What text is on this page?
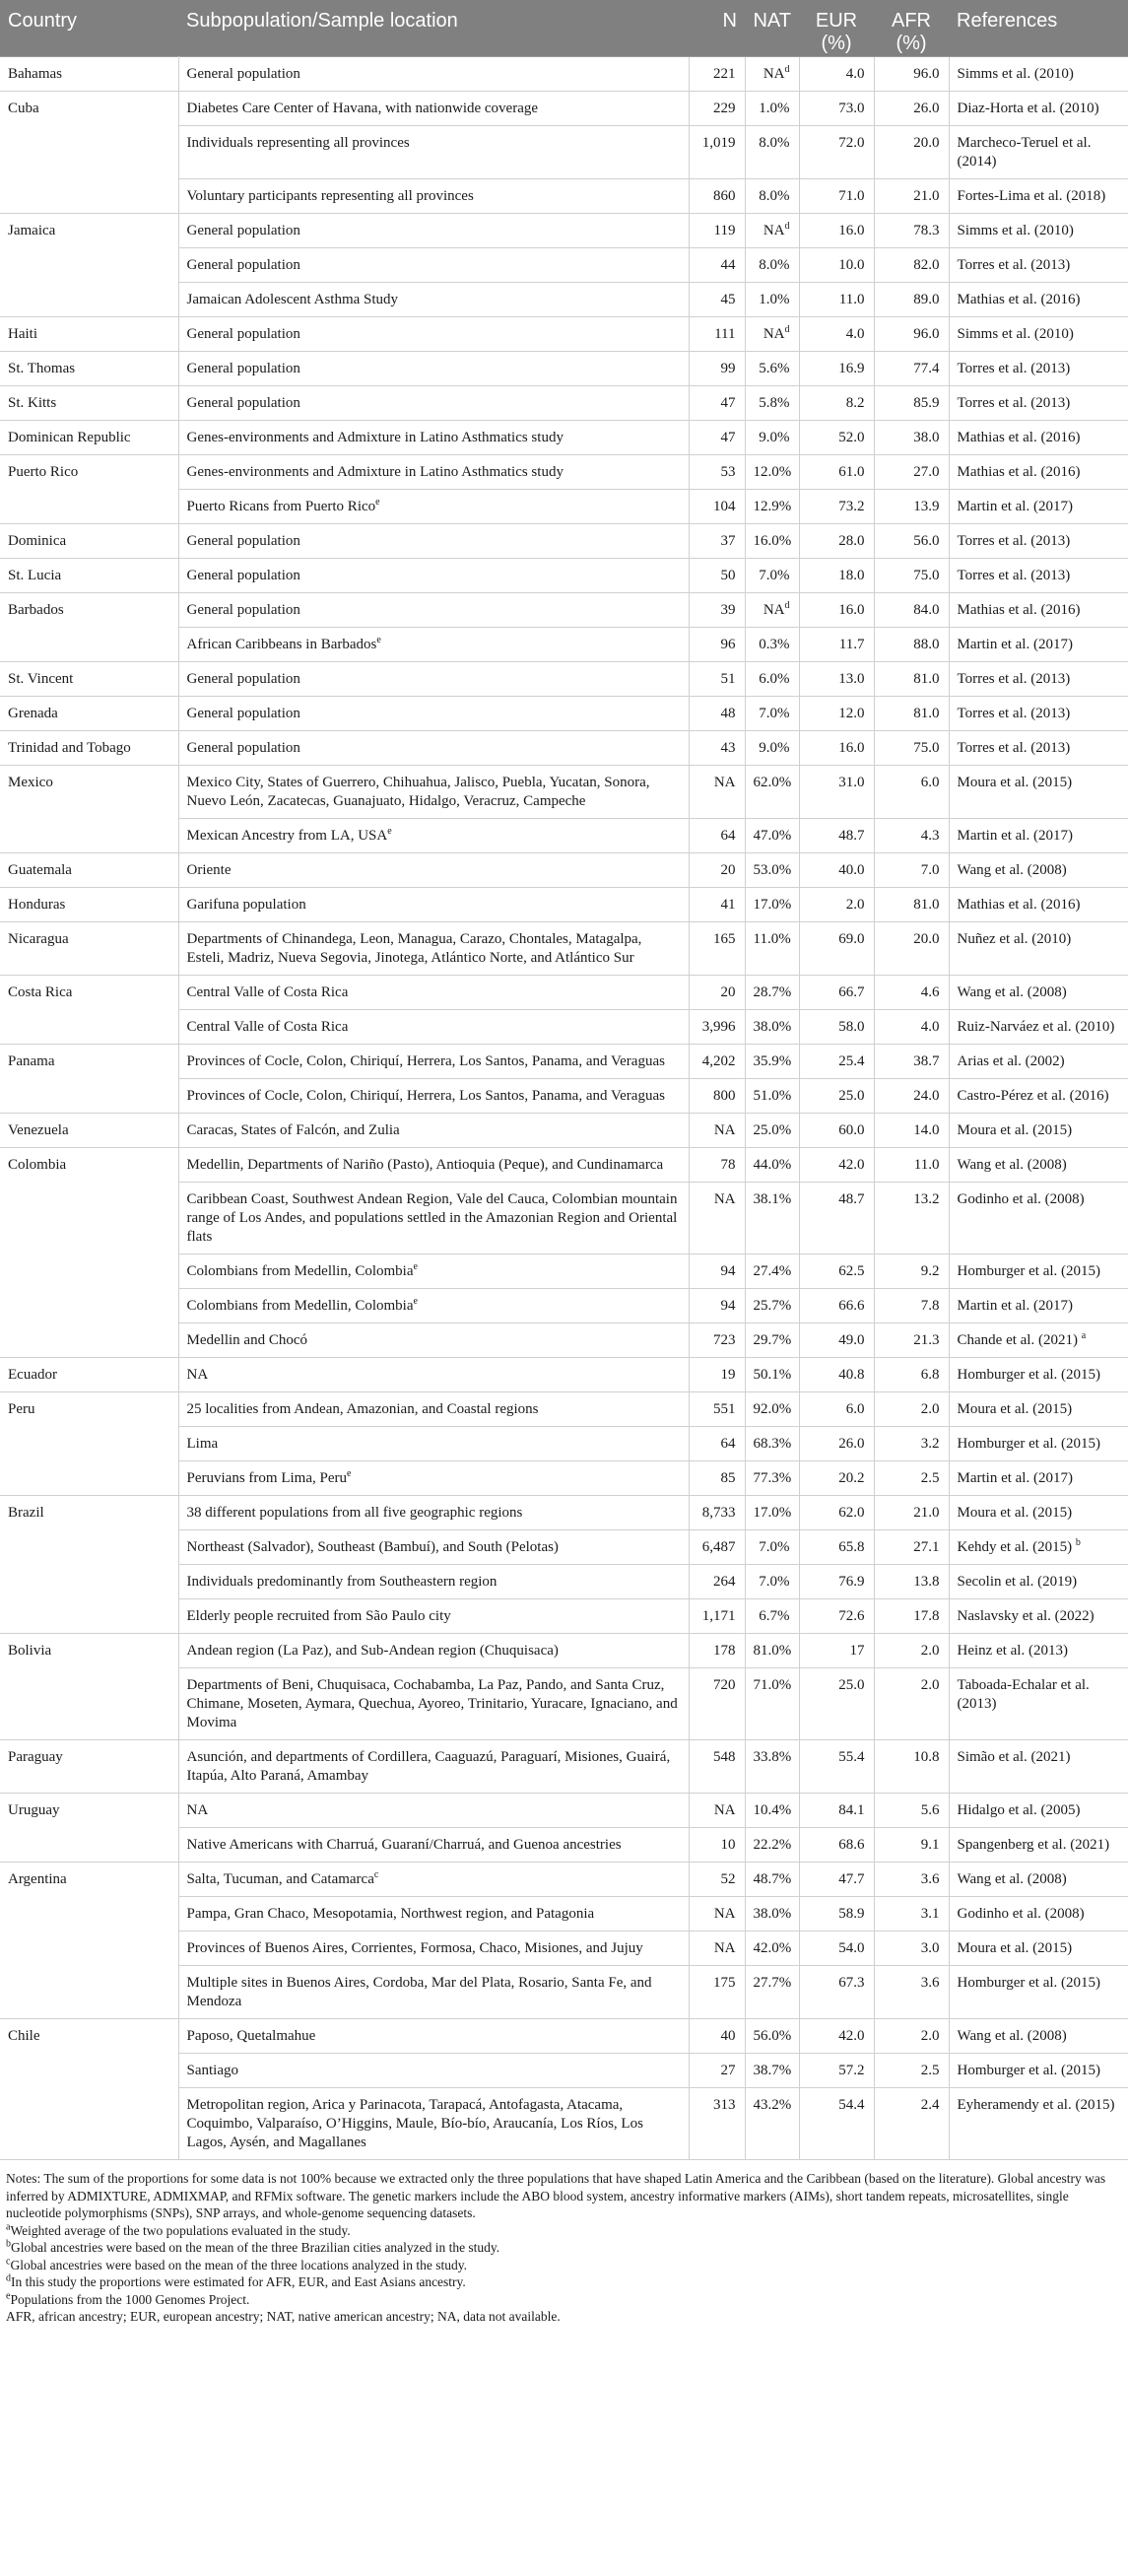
Country	Subpopulation/Sample location	N	NAT	EUR (%)	AFR (%)	References
Bahamas	General population	221	$NA^d$	4.0	96.0	Simms et al. (2010)
Cuba	Diabetes Care Center of Havana, with nationwide coverage	229	1.0%	73.0	26.0	Diaz-Horta et al. (2010)
	Individuals representing all provinces	1,019	8.0%	72.0	20.0	Marcheco-Teruel et al. (2014)
	Voluntary participants representing all provinces	860	8.0%	71.0	21.0	Fortes-Lima et al. (2018)
Jamaica	General population	119	$NA^d$	16.0	78.3	Simms et al. (2010)
	General population	44	8.0%	10.0	82.0	Torres et al. (2013)
	Jamaican Adolescent Asthma Study	45	1.0%	11.0	89.0	Mathias et al. (2016)
Haiti	General population	111	$NA^d$	4.0	96.0	Simms et al. (2010)
St. Thomas	General population	99	5.6%	16.9	77.4	Torres et al. (2013)
St. Kitts	General population	47	5.8%	8.2	85.9	Torres et al. (2013)
Dominican Republic	Genes-environments and Admixture in Latino Asthmatics study	47	9.0%	52.0	38.0	Mathias et al. (2016)
Puerto Rico	Genes-environments and Admixture in Latino Asthmatics study	53	12.0%	61.0	27.0	Mathias et al. (2016)
	Puerto Ricans from Puerto Rico$^e$	104	12.9%	73.2	13.9	Martin et al. (2017)
Dominica	General population	37	16.0%	28.0	56.0	Torres et al. (2013)
St. Lucia	General population	50	7.0%	18.0	75.0	Torres et al. (2013)
Barbados	General population	39	$NA^d$	16.0	84.0	Mathias et al. (2016)
	African Caribbeans in Barbados$^e$	96	0.3%	11.7	88.0	Martin et al. (2017)
St. Vincent	General population	51	6.0%	13.0	81.0	Torres et al. (2013)
Grenada	General population	48	7.0%	12.0	81.0	Torres et al. (2013)
Trinidad and Tobago	General population	43	9.0%	16.0	75.0	Torres et al. (2013)
Mexico	Mexico City, States of Guerrero, Chihuahua, Jalisco, Puebla, Yucatan, Sonora, Nuevo León, Zacatecas, Guanajuato, Hidalgo, Veracruz, Campeche	NA	62.0%	31.0	6.0	Moura et al. (2015)
	Mexican Ancestry from LA, USA$^e$	64	47.0%	48.7	4.3	Martin et al. (2017)
Guatemala	Oriente	20	53.0%	40.0	7.0	Wang et al. (2008)
Honduras	Garifuna population	41	17.0%	2.0	81.0	Mathias et al. (2016)
Nicaragua	Departments of Chinandega, Leon, Managua, Carazo, Chontales, Matagalpa, Esteli, Madriz, Nueva Segovia, Jinotega, Atlántico Norte, and Atlántico Sur	165	11.0%	69.0	20.0	Nuñez et al. (2010)
Costa Rica	Central Valle of Costa Rica	20	28.7%	66.7	4.6	Wang et al. (2008)
	Central Valle of Costa Rica	3,996	38.0%	58.0	4.0	Ruiz-Narváez et al. (2010)
Panama	Provinces of Cocle, Colon, Chiriquí, Herrera, Los Santos, Panama, and Veraguas	4,202	35.9%	25.4	38.7	Arias et al. (2002)
	Provinces of Cocle, Colon, Chiriquí, Herrera, Los Santos, Panama, and Veraguas	800	51.0%	25.0	24.0	Castro-Pérez et al. (2016)
Venezuela	Caracas, States of Falcón, and Zulia	NA	25.0%	60.0	14.0	Moura et al. (2015)
Colombia	Medellin, Departments of Nariño (Pasto), Antioquia (Peque), and Cundinamarca	78	44.0%	42.0	11.0	Wang et al. (2008)
	Caribbean Coast, Southwest Andean Region, Vale del Cauca, Colombian mountain range of Los Andes, and populations settled in the Amazonian Region and Oriental flats	NA	38.1%	48.7	13.2	Godinho et al. (2008)
	Colombians from Medellin, Colombia$^e$	94	27.4%	62.5	9.2	Homburger et al. (2015)
	Colombians from Medellin, Colombia$^e$	94	25.7%	66.6	7.8	Martin et al. (2017)
	Medellin and Chocó	723	29.7%	49.0	21.3	Chande et al. (2021) $^a$
Ecuador	NA	19	50.1%	40.8	6.8	Homburger et al. (2015)
Peru	25 localities from Andean, Amazonian, and Coastal regions	551	92.0%	6.0	2.0	Moura et al. (2015)
	Lima	64	68.3%	26.0	3.2	Homburger et al. (2015)
	Peruvians from Lima, Peru$^e$	85	77.3%	20.2	2.5	Martin et al. (2017)
Brazil	38 different populations from all five geographic regions	8,733	17.0%	62.0	21.0	Moura et al. (2015)
	Northeast (Salvador), Southeast (Bambuí), and South (Pelotas)	6,487	7.0%	65.8	27.1	Kehdy et al. (2015) $^b$
	Individuals predominantly from Southeastern region	264	7.0%	76.9	13.8	Secolin et al. (2019)
	Elderly people recruited from São Paulo city	1,171	6.7%	72.6	17.8	Naslavsky et al. (2022)
Bolivia	Andean region (La Paz), and Sub-Andean region (Chuquisaca)	178	81.0%	17	2.0	Heinz et al. (2013)
	Departments of Beni, Chuquisaca, Cochabamba, La Paz, Pando, and Santa Cruz, Chimane, Moseten, Aymara, Quechua, Ayoreo, Trinitario, Yuracare, Ignaciano, and Movima	720	71.0%	25.0	2.0	Taboada-Echalar et al. (2013)
Paraguay	Asunción, and departments of Cordillera, Caaguazú, Paraguarí, Misiones, Guairá, Itapúa, Alto Paraná, Amambay	548	33.8%	55.4	10.8	Simão et al. (2021)
Uruguay	NA	NA	10.4%	84.1	5.6	Hidalgo et al. (2005)
	Native Americans with Charruá, Guaraní/Charruá, and Guenoa ancestries	10	22.2%	68.6	9.1	Spangenberg et al. (2021)
Argentina	Salta, Tucuman, and Catamarca$^c$	52	48.7%	47.7	3.6	Wang et al. (2008)
	Pampa, Gran Chaco, Mesopotamia, Northwest region, and Patagonia	NA	38.0%	58.9	3.1	Godinho et al. (2008)
	Provinces of Buenos Aires, Corrientes, Formosa, Chaco, Misiones, and Jujuy	NA	42.0%	54.0	3.0	Moura et al. (2015)
	Multiple sites in Buenos Aires, Cordoba, Mar del Plata, Rosario, Santa Fe, and Mendoza	175	27.7%	67.3	3.6	Homburger et al. (2015)
Chile	Paposo, Quetalmahue	40	56.0%	42.0	2.0	Wang et al. (2008)
	Santiago	27	38.7%	57.2	2.5	Homburger et al. (2015)
	Metropolitan region, Arica y Parinacota, Tarapacá, Antofagasta, Atacama, Coquimbo, Valparaíso, O’Higgins, Maule, Bío-bío, Araucanía, Los Ríos, Los Lagos, Aysén, and Magallanes	313	43.2%	54.4	2.4	Eyheramendy et al. (2015)

Notes: The sum of the proportions for some data is not 100% because we extracted only the three populations that have shaped Latin America and the Caribbean (based on the literature). Global ancestry was inferred by ADMIXTURE, ADMIXMAP, and RFMix software. The genetic markers include the ABO blood system, ancestry informative markers (AIMs), short tandem repeats, microsatellites, single nucleotide polymorphisms (SNPs), SNP arrays, and whole-genome sequencing datasets.

$^a$Weighted average of the two populations evaluated in the study.

$^b$Global ancestries were based on the mean of the three Brazilian cities analyzed in the study.

$^c$Global ancestries were based on the mean of the three locations analyzed in the study.

$^d$In this study the proportions were estimated for AFR, EUR, and East Asians ancestry.

$^e$Populations from the 1000 Genomes Project.

AFR, african ancestry; EUR, european ancestry; NAT, native american ancestry; NA, data not available.
